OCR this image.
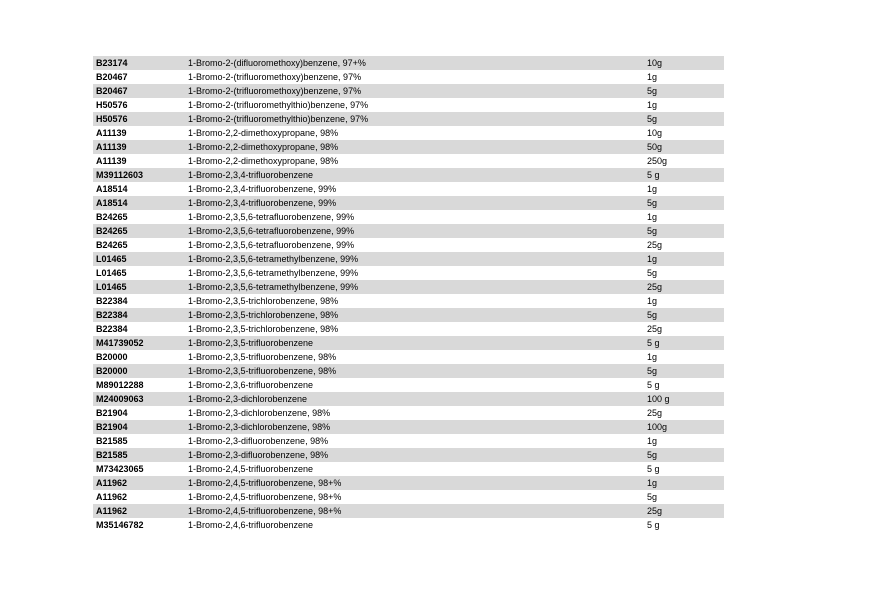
B23174	1-Bromo-2-(difluoromethoxy)benzene, 97+%	10g
B20467	1-Bromo-2-(trifluoromethoxy)benzene, 97%	1g
B20467	1-Bromo-2-(trifluoromethoxy)benzene, 97%	5g
H50576	1-Bromo-2-(trifluoromethylthio)benzene, 97%	1g
H50576	1-Bromo-2-(trifluoromethylthio)benzene, 97%	5g
A11139	1-Bromo-2,2-dimethoxypropane, 98%	10g
A11139	1-Bromo-2,2-dimethoxypropane, 98%	50g
A11139	1-Bromo-2,2-dimethoxypropane, 98%	250g
M39112603	1-Bromo-2,3,4-trifluorobenzene	5 g
A18514	1-Bromo-2,3,4-trifluorobenzene, 99%	1g
A18514	1-Bromo-2,3,4-trifluorobenzene, 99%	5g
B24265	1-Bromo-2,3,5,6-tetrafluorobenzene, 99%	1g
B24265	1-Bromo-2,3,5,6-tetrafluorobenzene, 99%	5g
B24265	1-Bromo-2,3,5,6-tetrafluorobenzene, 99%	25g
L01465	1-Bromo-2,3,5,6-tetramethylbenzene, 99%	1g
L01465	1-Bromo-2,3,5,6-tetramethylbenzene, 99%	5g
L01465	1-Bromo-2,3,5,6-tetramethylbenzene, 99%	25g
B22384	1-Bromo-2,3,5-trichlorobenzene, 98%	1g
B22384	1-Bromo-2,3,5-trichlorobenzene, 98%	5g
B22384	1-Bromo-2,3,5-trichlorobenzene, 98%	25g
M41739052	1-Bromo-2,3,5-trifluorobenzene	5 g
B20000	1-Bromo-2,3,5-trifluorobenzene, 98%	1g
B20000	1-Bromo-2,3,5-trifluorobenzene, 98%	5g
M89012288	1-Bromo-2,3,6-trifluorobenzene	5 g
M24009063	1-Bromo-2,3-dichlorobenzene	100 g
B21904	1-Bromo-2,3-dichlorobenzene, 98%	25g
B21904	1-Bromo-2,3-dichlorobenzene, 98%	100g
B21585	1-Bromo-2,3-difluorobenzene, 98%	1g
B21585	1-Bromo-2,3-difluorobenzene, 98%	5g
M73423065	1-Bromo-2,4,5-trifluorobenzene	5 g
A11962	1-Bromo-2,4,5-trifluorobenzene, 98+%	1g
A11962	1-Bromo-2,4,5-trifluorobenzene, 98+%	5g
A11962	1-Bromo-2,4,5-trifluorobenzene, 98+%	25g
M35146782	1-Bromo-2,4,6-trifluorobenzene	5 g
